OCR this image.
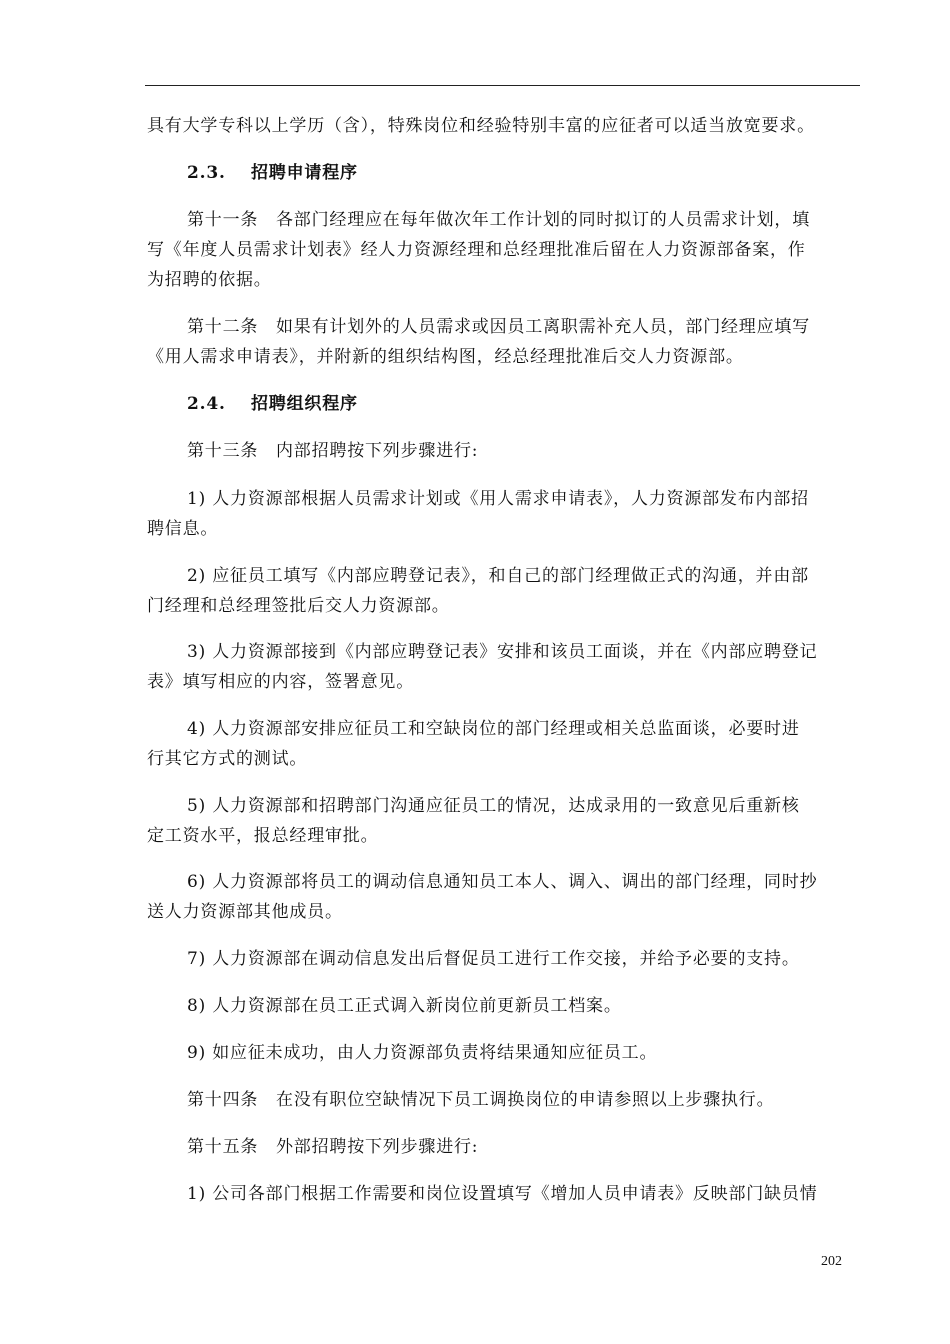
具有大学专科以上学历（含），特殊岗位和经验特别丰富的应征者可以适当放宽要求。
2.3. 招聘申请程序
第十一条　各部门经理应在每年做次年工作计划的同时拟订的人员需求计划，填
写《年度人员需求计划表》经人力资源经理和总经理批准后留在人力资源部备案，作
为招聘的依据。
第十二条　如果有计划外的人员需求或因员工离职需补充人员，部门经理应填写
《用人需求申请表》，并附新的组织结构图，经总经理批准后交人力资源部。
2.4. 招聘组织程序
第十三条　内部招聘按下列步骤进行:
1) 人力资源部根据人员需求计划或《用人需求申请表》，人力资源部发布内部招
聘信息。
2) 应征员工填写《内部应聘登记表》，和自己的部门经理做正式的沟通，并由部
门经理和总经理签批后交人力资源部。
3) 人力资源部接到《内部应聘登记表》安排和该员工面谈，并在《内部应聘登记
表》填写相应的内容，签署意见。
4) 人力资源部安排应征员工和空缺岗位的部门经理或相关总监面谈，必要时进
行其它方式的测试。
5) 人力资源部和招聘部门沟通应征员工的情况，达成录用的一致意见后重新核
定工资水平，报总经理审批。
6) 人力资源部将员工的调动信息通知员工本人、调入、调出的部门经理，同时抄
送人力资源部其他成员。
7) 人力资源部在调动信息发出后督促员工进行工作交接，并给予必要的支持。
8) 人力资源部在员工正式调入新岗位前更新员工档案。
9) 如应征未成功，由人力资源部负责将结果通知应征员工。
第十四条　在没有职位空缺情况下员工调换岗位的申请参照以上步骤执行。
第十五条　外部招聘按下列步骤进行:
1) 公司各部门根据工作需要和岗位设置填写《增加人员申请表》反映部门缺员情
202
